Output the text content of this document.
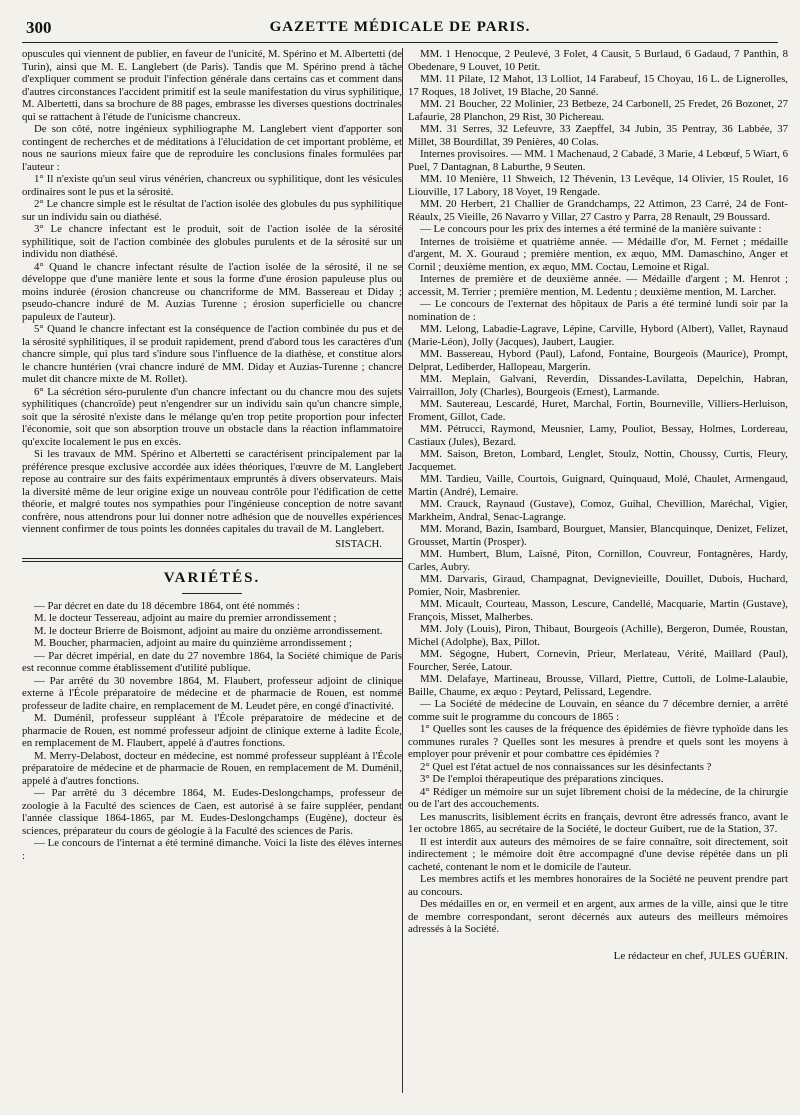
300	GAZETTE MÉDICALE DE PARIS.

opuscules qui viennent de publier, en faveur de l'unicité, M. Spérino et M. Albertetti (de Turin), ainsi que M. E. Langlebert (de Paris). Tandis que M. Spérino prend à tâche d'expliquer comment se produit l'infection générale dans certains cas et comment dans d'autres circonstances l'accident primitif est la seule manifestation du virus syphilitique, M. Albertetti, dans sa brochure de 88 pages, embrasse les diverses questions doctrinales qui se rattachent à l'étude de l'unicisme chancreux.

De son côté, notre ingénieux syphiliographe M. Langlebert vient d'apporter son contingent de recherches et de méditations à l'élucidation de cet important problème, et nous ne saurions mieux faire que de reproduire les conclusions finales formulées par l'auteur :

1° Il n'existe qu'un seul virus vénérien, chancreux ou syphilitique, dont les vésicules ordinaires sont le pus et la sérosité.

2° Le chancre simple est le résultat de l'action isolée des globules du pus syphilitique sur un individu sain ou diathésé.

3° Le chancre infectant est le produit, soit de l'action isolée de la sérosité syphilitique, soit de l'action combinée des globules purulents et de la sérosité sur un individu non diathésé.

4° Quand le chancre infectant résulte de l'action isolée de la sérosité, il ne se développe que d'une manière lente et sous la forme d'une érosion papuleuse plus ou moins indurée (érosion chancreuse ou chancriforme de MM. Bassereau et Diday ; pseudo-chancre induré de M. Auzias Turenne ; érosion superficielle ou chancre papuleux de l'auteur).

5° Quand le chancre infectant est la conséquence de l'action combinée du pus et de la sérosité syphilitiques, il se produit rapidement, prend d'abord tous les caractères d'un chancre simple, qui plus tard s'indure sous l'influence de la diathèse, et constitue alors le chancre huntérien (vrai chancre induré de MM. Diday et Auzias-Turenne ; chancre mulet dit chancre mixte de M. Rollet).

6° La sécrétion séro-purulente d'un chancre infectant ou du chancre mou des sujets syphilitiques (chancroïde) peut n'engendrer sur un individu sain qu'un chancre simple, soit que la sérosité n'existe dans le mélange qu'en trop petite proportion pour infecter l'économie, soit que son absorption trouve un obstacle dans la réaction inflammatoire qu'excite localement le pus en excès.

Si les travaux de MM. Spérino et Albertetti se caractérisent principalement par la préférence presque exclusive accordée aux idées théoriques, l'œuvre de M. Langlebert repose au contraire sur des faits expérimentaux empruntés à divers observateurs. Mais la diversité même de leur origine exige un nouveau contrôle pour l'édification de cette théorie, et malgré toutes nos sympathies pour l'ingénieuse conception de notre savant confrère, nous attendrons pour lui donner notre adhésion que de nouvelles expériences viennent confirmer de tous points les données capitales du travail de M. Langlebert.

SISTACH.
VARIÉTÉS.

— Par décret en date du 18 décembre 1864, ont été nommés :

M. le docteur Tessereau, adjoint au maire du premier arrondissement ;

M. le docteur Brierre de Boismont, adjoint au maire du onzième arrondissement.

M. Boucher, pharmacien, adjoint au maire du quinzième arrondissement ;

— Par décret impérial, en date du 27 novembre 1864, la Société chimique de Paris est reconnue comme établissement d'utilité publique.

— Par arrêté du 30 novembre 1864, M. Flaubert, professeur adjoint de clinique externe à l'École préparatoire de médecine et de pharmacie de Rouen, est nommé professeur de ladite chaire, en remplacement de M. Leudet père, en congé d'inactivité.

M. Duménil, professeur suppléant à l'École préparatoire de médecine et de pharmacie de Rouen, est nommé professeur adjoint de clinique externe à ladite École, en remplacement de M. Flaubert, appelé à d'autres fonctions.

M. Merry-Delabost, docteur en médecine, est nommé professeur suppléant à l'École préparatoire de médecine et de pharmacie de Rouen, en remplacement de M. Duménil, appelé à d'autres fonctions.

— Par arrêté du 3 décembre 1864, M. Eudes-Deslongchamps, professeur de zoologie à la Faculté des sciences de Caen, est autorisé à se faire suppléer, pendant l'année classique 1864-1865, par M. Eudes-Deslongchamps (Eugène), docteur ès sciences, préparateur du cours de géologie à la Faculté des sciences de Paris.

— Le concours de l'internat a été terminé dimanche. Voici la liste des élèves internes :

MM. 1 Henocque, 2 Peulevé, 3 Folet, 4 Causit, 5 Burlaud, 6 Gadaud, 7 Panthin, 8 Obedenare, 9 Louvet, 10 Petit.

MM. 11 Pilate, 12 Mahot, 13 Lolliot, 14 Farabeuf, 15 Choyau, 16 L. de Lignerolles, 17 Roques, 18 Jolivet, 19 Blache, 20 Sanné.

MM. 21 Boucher, 22 Molinier, 23 Betbeze, 24 Carbonell, 25 Fredet, 26 Bozonet, 27 Lafaurie, 28 Planchon, 29 Rist, 30 Pichereau.

MM. 31 Serres, 32 Lefeuvre, 33 Zaepffel, 34 Jubin, 35 Pentray, 36 Labbée, 37 Millet, 38 Bourdillat, 39 Penières, 40 Colas.

Internes provisoires. — MM. 1 Machenaud, 2 Cabadé, 3 Marie, 4 Lebœuf, 5 Wiart, 6 Puel, 7 Dantagnan, 8 Laburthe, 9 Seuten.

MM. 10 Menière, 11 Shweich, 12 Thévenin, 13 Levêque, 14 Olivier, 15 Roulet, 16 Liouville, 17 Labory, 18 Voyet, 19 Rengade.

MM. 20 Herbert, 21 Challier de Grandchamps, 22 Attimon, 23 Carré, 24 de Font-Réaulx, 25 Vieille, 26 Navarro y Villar, 27 Castro y Parra, 28 Renault, 29 Boussard.

— Le concours pour les prix des internes a été terminé de la manière suivante :

Internes de troisième et quatrième année. — Médaille d'or, M. Fernet ; médaille d'argent, M. X. Gouraud ; première mention, ex æquo, MM. Damaschino, Anger et Cornil ; deuxième mention, ex æquo, MM. Coctau, Lemoine et Rigal.

Internes de première et de deuxième année. — Médaille d'argent ; M. Henrot ; accessit, M. Terrier ; première mention, M. Ledentu ; deuxième mention, M. Larcher.

— Le concours de l'externat des hôpitaux de Paris a été terminé lundi soir par la nomination de :

MM. Lelong, Labadie-Lagrave, Lépine, Carville, Hybord (Albert), Vallet, Raynaud (Marie-Léon), Jolly (Jacques), Jaubert, Laugier.

MM. Bassereau, Hybord (Paul), Lafond, Fontaine, Bourgeois (Maurice), Prompt, Delprat, Lediberder, Hallopeau, Margerin.

MM. Meplain, Galvani, Reverdin, Dissandes-Lavilatta, Depelchin, Habran, Vairraillon, Joly (Charles), Bourgeois (Ernest), Larmande.

MM. Sautereau, Lescardé, Huret, Marchal, Fortin, Bourneville, Villiers-Herluison, Froment, Gillot, Cade.

MM. Pétrucci, Raymond, Meusnier, Lamy, Pouliot, Bessay, Holmes, Lordereau, Castiaux (Jules), Bezard.

MM. Saison, Breton, Lombard, Lenglet, Stoulz, Nottin, Choussy, Curtis, Fleury, Jacquemet.

MM. Tardieu, Vaille, Courtois, Guignard, Quinquaud, Molé, Chaulet, Armengaud, Martin (André), Lemaire.

MM. Crauck, Raynaud (Gustave), Comoz, Guihal, Chevillion, Maréchal, Vigier, Markheim, Andral, Senac-Lagrange.

MM. Morand, Bazin, Isambard, Bourguet, Mansier, Blancquinque, Denizet, Felizet, Grousset, Martin (Prosper).

MM. Humbert, Blum, Laisné, Piton, Cornillon, Couvreur, Fontagnères, Hardy, Carles, Aubry.

MM. Darvaris, Giraud, Champagnat, Devignevieille, Douillet, Dubois, Huchard, Pomier, Noir, Masbrenier.

MM. Micault, Courteau, Masson, Lescure, Candellé, Macquarie, Martin (Gustave), François, Misset, Malherbes.

MM. Joly (Louis), Piron, Thibaut, Bourgeois (Achille), Bergeron, Dumée, Roustan, Michel (Adolphe), Bax, Pillot.

MM. Ségogne, Hubert, Cornevin, Prieur, Merlateau, Vérité, Maillard (Paul), Fourcher, Serée, Latour.

MM. Delafaye, Martineau, Brousse, Villard, Piettre, Cuttoli, de Lolme-Lalaubie, Baille, Chaume, ex æquo : Peytard, Pelissard, Legendre.

— La Société de médecine de Louvain, en séance du 7 décembre dernier, a arrêté comme suit le programme du concours de 1865 :

1° Quelles sont les causes de la fréquence des épidémies de fièvre typhoïde dans les communes rurales ? Quelles sont les mesures à prendre et quels sont les moyens à employer pour prévenir et pour combattre ces épidémies ?

2° Quel est l'état actuel de nos connaissances sur les désinfectants ?

3° De l'emploi thérapeutique des préparations zinciques.

4° Rédiger un mémoire sur un sujet librement choisi de la médecine, de la chirurgie ou de l'art des accouchements.

Les manuscrits, lisiblement écrits en français, devront être adressés franco, avant le 1er octobre 1865, au secrétaire de la Société, le docteur Guibert, rue de la Station, 37.

Il est interdit aux auteurs des mémoires de se faire connaître, soit directement, soit indirectement ; le mémoire doit être accompagné d'une devise répétée dans un pli cacheté, contenant le nom et le domicile de l'auteur.

Les membres actifs et les membres honoraires de la Société ne peuvent prendre part au concours.

Des médailles en or, en vermeil et en argent, aux armes de la ville, ainsi que le titre de membre correspondant, seront décernés aux auteurs des meilleurs mémoires adressés à la Société.

Le rédacteur en chef, JULES GUÉRIN.
